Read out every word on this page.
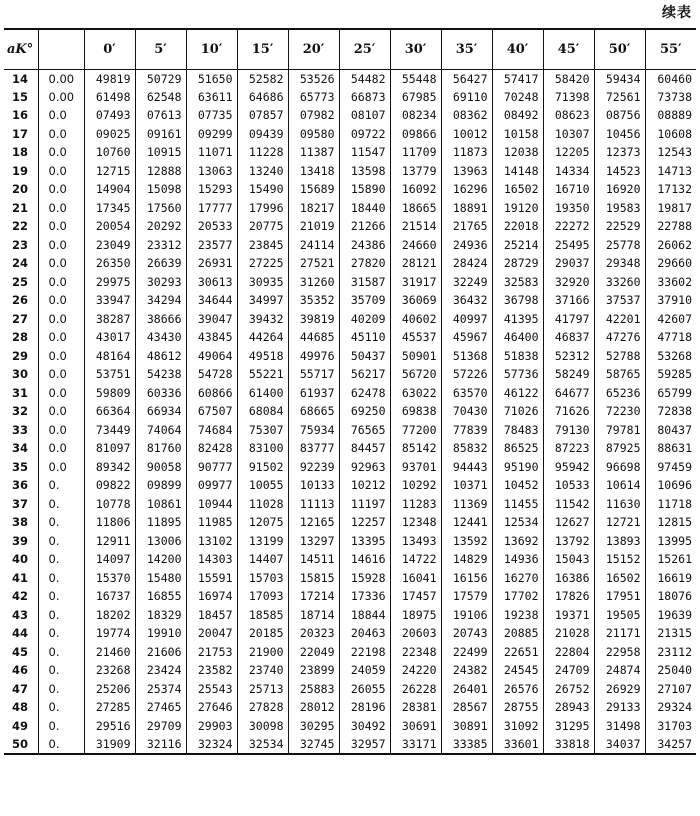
续表
aK°		0′	5′	10′	15′	20′	25′	30′	35′	40′	45′	50′	55′
14	0.00	49819	50729	51650	52582	53526	54482	55448	56427	57417	58420	59434	60460
15	0.00	61498	62548	63611	64686	65773	66873	67985	69110	70248	71398	72561	73738
16	0.0	07493	07613	07735	07857	07982	08107	08234	08362	08492	08623	08756	08889
17	0.0	09025	09161	09299	09439	09580	09722	09866	10012	10158	10307	10456	10608
18	0.0	10760	10915	11071	11228	11387	11547	11709	11873	12038	12205	12373	12543
19	0.0	12715	12888	13063	13240	13418	13598	13779	13963	14148	14334	14523	14713
20	0.0	14904	15098	15293	15490	15689	15890	16092	16296	16502	16710	16920	17132
21	0.0	17345	17560	17777	17996	18217	18440	18665	18891	19120	19350	19583	19817
22	0.0	20054	20292	20533	20775	21019	21266	21514	21765	22018	22272	22529	22788
23	0.0	23049	23312	23577	23845	24114	24386	24660	24936	25214	25495	25778	26062
24	0.0	26350	26639	26931	27225	27521	27820	28121	28424	28729	29037	29348	29660
25	0.0	29975	30293	30613	30935	31260	31587	31917	32249	32583	32920	33260	33602
26	0.0	33947	34294	34644	34997	35352	35709	36069	36432	36798	37166	37537	37910
27	0.0	38287	38666	39047	39432	39819	40209	40602	40997	41395	41797	42201	42607
28	0.0	43017	43430	43845	44264	44685	45110	45537	45967	46400	46837	47276	47718
29	0.0	48164	48612	49064	49518	49976	50437	50901	51368	51838	52312	52788	53268
30	0.0	53751	54238	54728	55221	55717	56217	56720	57226	57736	58249	58765	59285
31	0.0	59809	60336	60866	61400	61937	62478	63022	63570	46122	64677	65236	65799
32	0.0	66364	66934	67507	68084	68665	69250	69838	70430	71026	71626	72230	72838
33	0.0	73449	74064	74684	75307	75934	76565	77200	77839	78483	79130	79781	80437
34	0.0	81097	81760	82428	83100	83777	84457	85142	85832	86525	87223	87925	88631
35	0.0	89342	90058	90777	91502	92239	92963	93701	94443	95190	95942	96698	97459
36	0.	09822	09899	09977	10055	10133	10212	10292	10371	10452	10533	10614	10696
37	0.	10778	10861	10944	11028	11113	11197	11283	11369	11455	11542	11630	11718
38	0.	11806	11895	11985	12075	12165	12257	12348	12441	12534	12627	12721	12815
39	0.	12911	13006	13102	13199	13297	13395	13493	13592	13692	13792	13893	13995
40	0.	14097	14200	14303	14407	14511	14616	14722	14829	14936	15043	15152	15261
41	0.	15370	15480	15591	15703	15815	15928	16041	16156	16270	16386	16502	16619
42	0.	16737	16855	16974	17093	17214	17336	17457	17579	17702	17826	17951	18076
43	0.	18202	18329	18457	18585	18714	18844	18975	19106	19238	19371	19505	19639
44	0.	19774	19910	20047	20185	20323	20463	20603	20743	20885	21028	21171	21315
45	0.	21460	21606	21753	21900	22049	22198	22348	22499	22651	22804	22958	23112
46	0.	23268	23424	23582	23740	23899	24059	24220	24382	24545	24709	24874	25040
47	0.	25206	25374	25543	25713	25883	26055	26228	26401	26576	26752	26929	27107
48	0.	27285	27465	27646	27828	28012	28196	28381	28567	28755	28943	29133	29324
49	0.	29516	29709	29903	30098	30295	30492	30691	30891	31092	31295	31498	31703
50	0.	31909	32116	32324	32534	32745	32957	33171	33385	33601	33818	34037	34257
